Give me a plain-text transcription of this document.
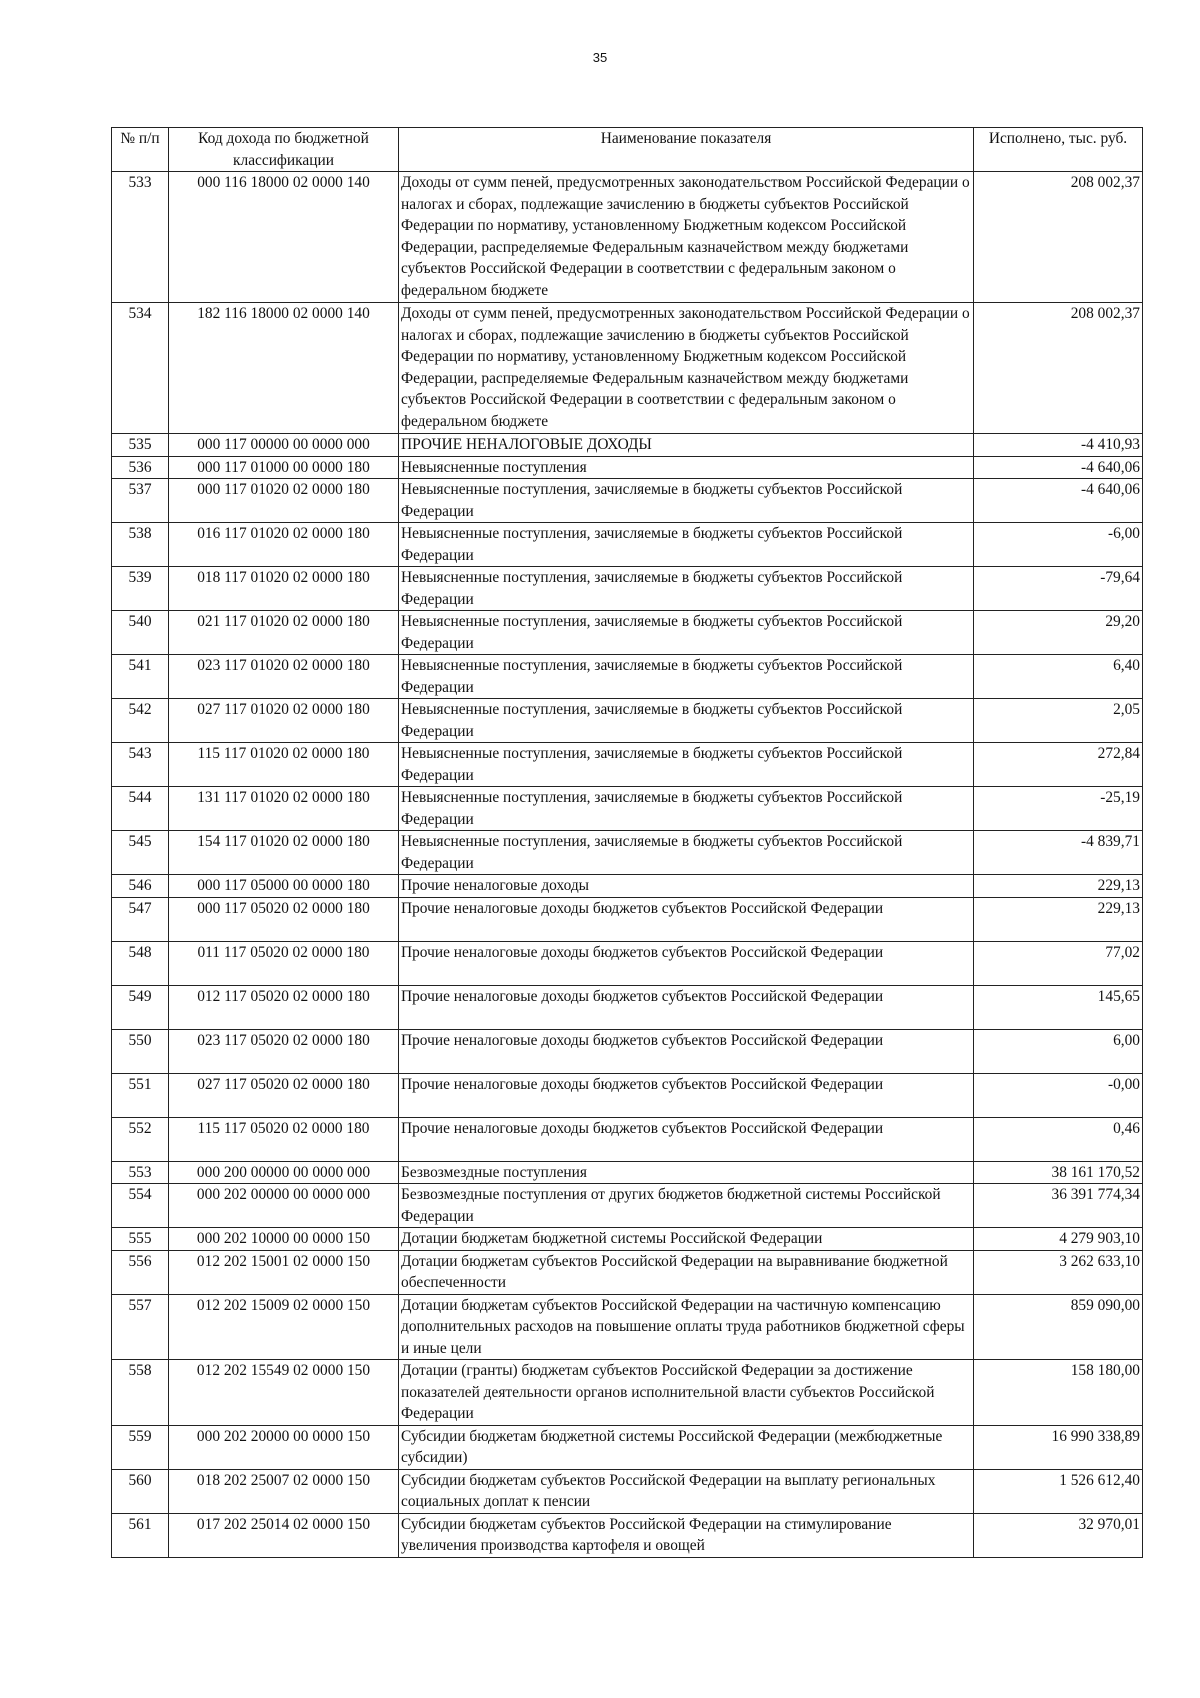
35
№ п/п	Код дохода по бюджетной классификации	Наименование показателя	Исполнено, тыс. руб.
533	000 116 18000 02 0000 140	Доходы от сумм пеней, предусмотренных законодательством Российской Федерации о налогах и сборах, подлежащие зачислению в бюджеты субъектов Российской Федерации по нормативу, установленному Бюджетным кодексом Российской Федерации, распределяемые Федеральным казначейством между бюджетами субъектов Российской Федерации в соответствии с федеральным законом о федеральном бюджете	208 002,37
534	182 116 18000 02 0000 140	Доходы от сумм пеней, предусмотренных законодательством Российской Федерации о налогах и сборах, подлежащие зачислению в бюджеты субъектов Российской Федерации по нормативу, установленному Бюджетным кодексом Российской Федерации, распределяемые Федеральным казначейством между бюджетами субъектов Российской Федерации в соответствии с федеральным законом о федеральном бюджете	208 002,37
535	000 117 00000 00 0000 000	ПРОЧИЕ НЕНАЛОГОВЫЕ ДОХОДЫ	-4 410,93
536	000 117 01000 00 0000 180	Невыясненные поступления	-4 640,06
537	000 117 01020 02 0000 180	Невыясненные поступления, зачисляемые в бюджеты субъектов Российской Федерации	-4 640,06
538	016 117 01020 02 0000 180	Невыясненные поступления, зачисляемые в бюджеты субъектов Российской Федерации	-6,00
539	018 117 01020 02 0000 180	Невыясненные поступления, зачисляемые в бюджеты субъектов Российской Федерации	-79,64
540	021 117 01020 02 0000 180	Невыясненные поступления, зачисляемые в бюджеты субъектов Российской Федерации	29,20
541	023 117 01020 02 0000 180	Невыясненные поступления, зачисляемые в бюджеты субъектов Российской Федерации	6,40
542	027 117 01020 02 0000 180	Невыясненные поступления, зачисляемые в бюджеты субъектов Российской Федерации	2,05
543	115 117 01020 02 0000 180	Невыясненные поступления, зачисляемые в бюджеты субъектов Российской Федерации	272,84
544	131 117 01020 02 0000 180	Невыясненные поступления, зачисляемые в бюджеты субъектов Российской Федерации	-25,19
545	154 117 01020 02 0000 180	Невыясненные поступления, зачисляемые в бюджеты субъектов Российской Федерации	-4 839,71
546	000 117 05000 00 0000 180	Прочие неналоговые доходы	229,13
547	000 117 05020 02 0000 180	Прочие неналоговые доходы бюджетов субъектов Российской Федерации	229,13
548	011 117 05020 02 0000 180	Прочие неналоговые доходы бюджетов субъектов Российской Федерации	77,02
549	012 117 05020 02 0000 180	Прочие неналоговые доходы бюджетов субъектов Российской Федерации	145,65
550	023 117 05020 02 0000 180	Прочие неналоговые доходы бюджетов субъектов Российской Федерации	6,00
551	027 117 05020 02 0000 180	Прочие неналоговые доходы бюджетов субъектов Российской Федерации	-0,00
552	115 117 05020 02 0000 180	Прочие неналоговые доходы бюджетов субъектов Российской Федерации	0,46
553	000 200 00000 00 0000 000	Безвозмездные поступления	38 161 170,52
554	000 202 00000 00 0000 000	Безвозмездные поступления от других бюджетов бюджетной системы Российской Федерации	36 391 774,34
555	000 202 10000 00 0000 150	Дотации бюджетам бюджетной системы Российской Федерации	4 279 903,10
556	012 202 15001 02 0000 150	Дотации бюджетам субъектов Российской Федерации на выравнивание бюджетной обеспеченности	3 262 633,10
557	012 202 15009 02 0000 150	Дотации бюджетам субъектов Российской Федерации на частичную компенсацию дополнительных расходов на повышение оплаты труда работников бюджетной сферы и иные цели	859 090,00
558	012 202 15549 02 0000 150	Дотации (гранты) бюджетам субъектов Российской Федерации за достижение показателей деятельности органов исполнительной власти субъектов Российской Федерации	158 180,00
559	000 202 20000 00 0000 150	Субсидии бюджетам бюджетной системы Российской Федерации (межбюджетные субсидии)	16 990 338,89
560	018 202 25007 02 0000 150	Субсидии бюджетам субъектов Российской Федерации на выплату региональных социальных доплат к пенсии	1 526 612,40
561	017 202 25014 02 0000 150	Субсидии бюджетам субъектов Российской Федерации на стимулирование увеличения производства картофеля и овощей	32 970,01
